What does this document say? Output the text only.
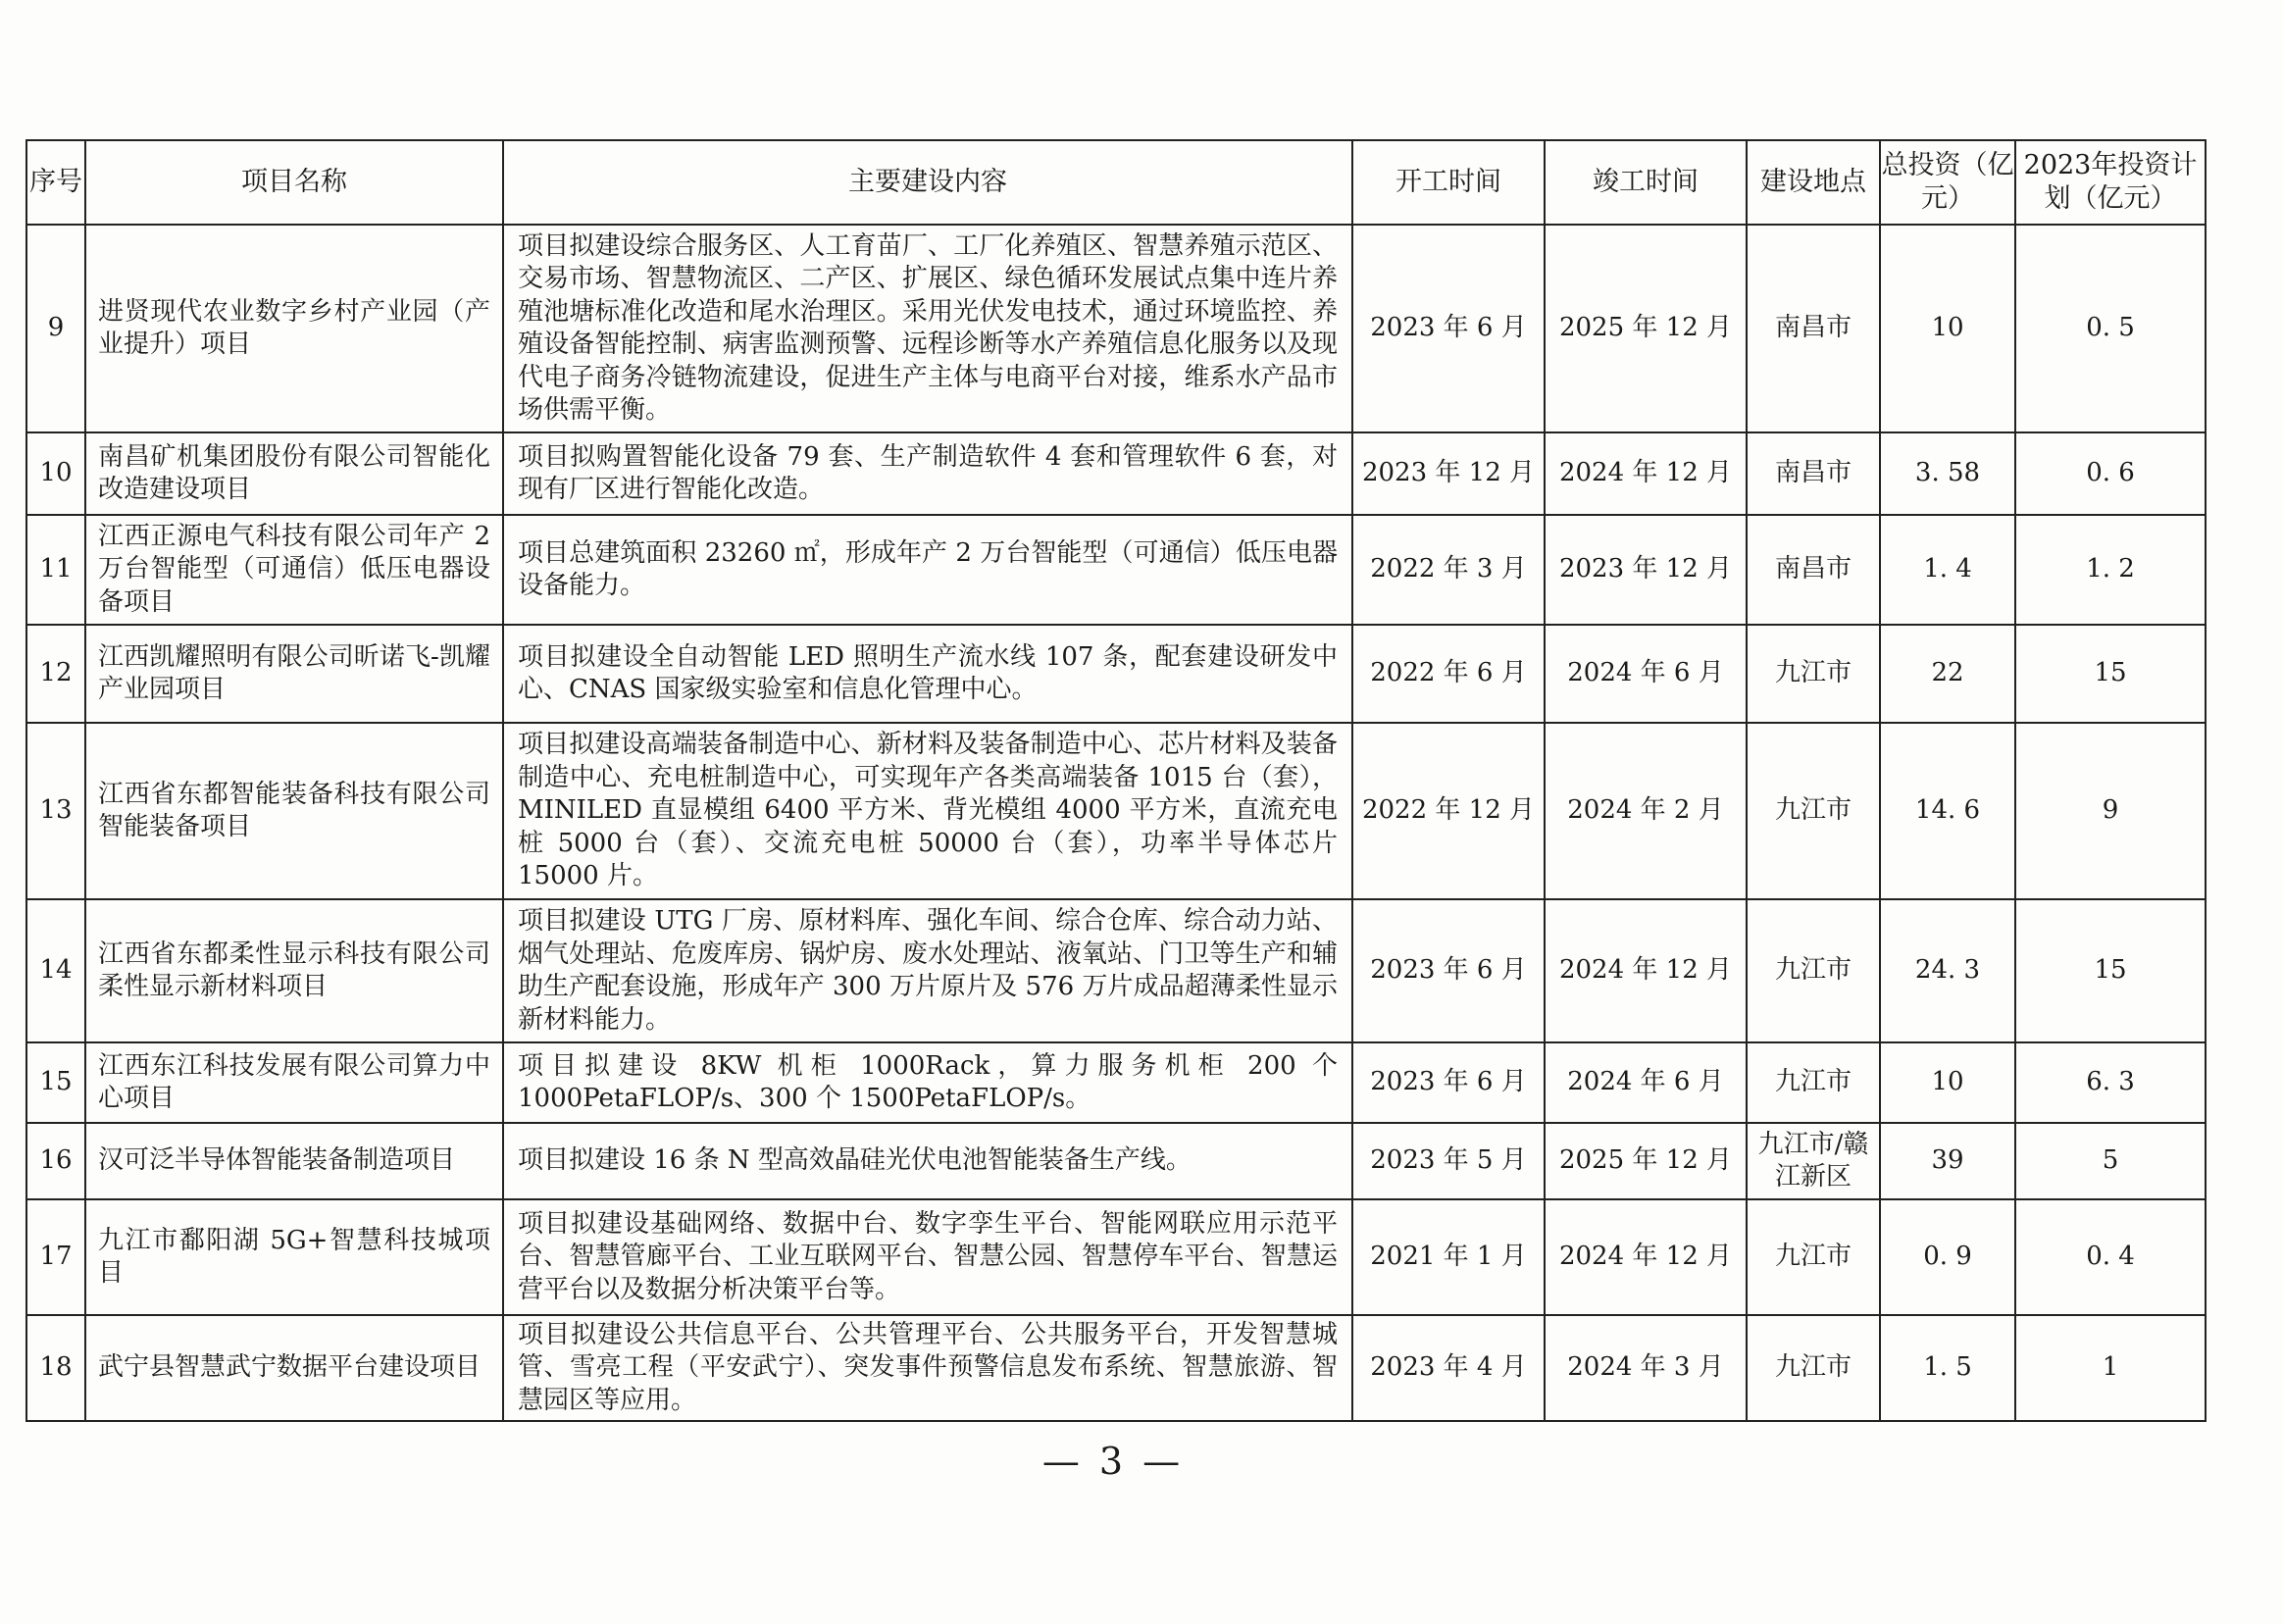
序号	项目名称	主要建设内容	开工时间	竣工时间	建设地点	总投资（亿元）	2023年投资计划（亿元）
9	进贤现代农业数字乡村产业园（产业提升）项目	项目拟建设综合服务区、人工育苗厂、工厂化养殖区、智慧养殖示范区、交易市场、智慧物流区、二产区、扩展区、绿色循环发展试点集中连片养殖池塘标准化改造和尾水治理区。采用光伏发电技术，通过环境监控、养殖设备智能控制、病害监测预警、远程诊断等水产养殖信息化服务以及现代电子商务冷链物流建设，促进生产主体与电商平台对接，维系水产品市场供需平衡。	2023 年 6 月	2025 年 12 月	南昌市	10	0. 5
10	南昌矿机集团股份有限公司智能化改造建设项目	项目拟购置智能化设备 79 套、生产制造软件 4 套和管理软件 6 套，对现有厂区进行智能化改造。	2023 年 12 月	2024 年 12 月	南昌市	3. 58	0. 6
11	江西正源电气科技有限公司年产 2 万台智能型（可通信）低压电器设备项目	项目总建筑面积 23260 ㎡，形成年产 2 万台智能型（可通信）低压电器设备能力。	2022 年 3 月	2023 年 12 月	南昌市	1. 4	1. 2
12	江西凯耀照明有限公司昕诺飞-凯耀产业园项目	项目拟建设全自动智能 LED 照明生产流水线 107 条，配套建设研发中心、CNAS 国家级实验室和信息化管理中心。	2022 年 6 月	2024 年 6 月	九江市	22	15
13	江西省东都智能装备科技有限公司智能装备项目	项目拟建设高端装备制造中心、新材料及装备制造中心、芯片材料及装备制造中心、充电桩制造中心，可实现年产各类高端装备 1015 台（套），MINILED 直显模组 6400 平方米、背光模组 4000 平方米，直流充电桩 5000 台（套）、交流充电桩 50000 台（套），功率半导体芯片 15000 片。	2022 年 12 月	2024 年 2 月	九江市	14. 6	9
14	江西省东都柔性显示科技有限公司柔性显示新材料项目	项目拟建设 UTG 厂房、原材料库、强化车间、综合仓库、综合动力站、烟气处理站、危废库房、锅炉房、废水处理站、液氧站、门卫等生产和辅助生产配套设施，形成年产 300 万片原片及 576 万片成品超薄柔性显示新材料能力。	2023 年 6 月	2024 年 12 月	九江市	24. 3	15
15	江西东江科技发展有限公司算力中心项目	项目拟建设 8KW 机柜 1000Rack，算力服务机柜 200 个 1000PetaFLOP/s、300 个 1500PetaFLOP/s。	2023 年 6 月	2024 年 6 月	九江市	10	6. 3
16	汉可泛半导体智能装备制造项目	项目拟建设 16 条 N 型高效晶硅光伏电池智能装备生产线。	2023 年 5 月	2025 年 12 月	九江市/赣江新区	39	5
17	九江市鄱阳湖 5G+智慧科技城项目	项目拟建设基础网络、数据中台、数字孪生平台、智能网联应用示范平台、智慧管廊平台、工业互联网平台、智慧公园、智慧停车平台、智慧运营平台以及数据分析决策平台等。	2021 年 1 月	2024 年 12 月	九江市	0. 9	0. 4
18	武宁县智慧武宁数据平台建设项目	项目拟建设公共信息平台、公共管理平台、公共服务平台，开发智慧城管、雪亮工程（平安武宁）、突发事件预警信息发布系统、智慧旅游、智慧园区等应用。	2023 年 4 月	2024 年 3 月	九江市	1. 5	1
— 3 —
